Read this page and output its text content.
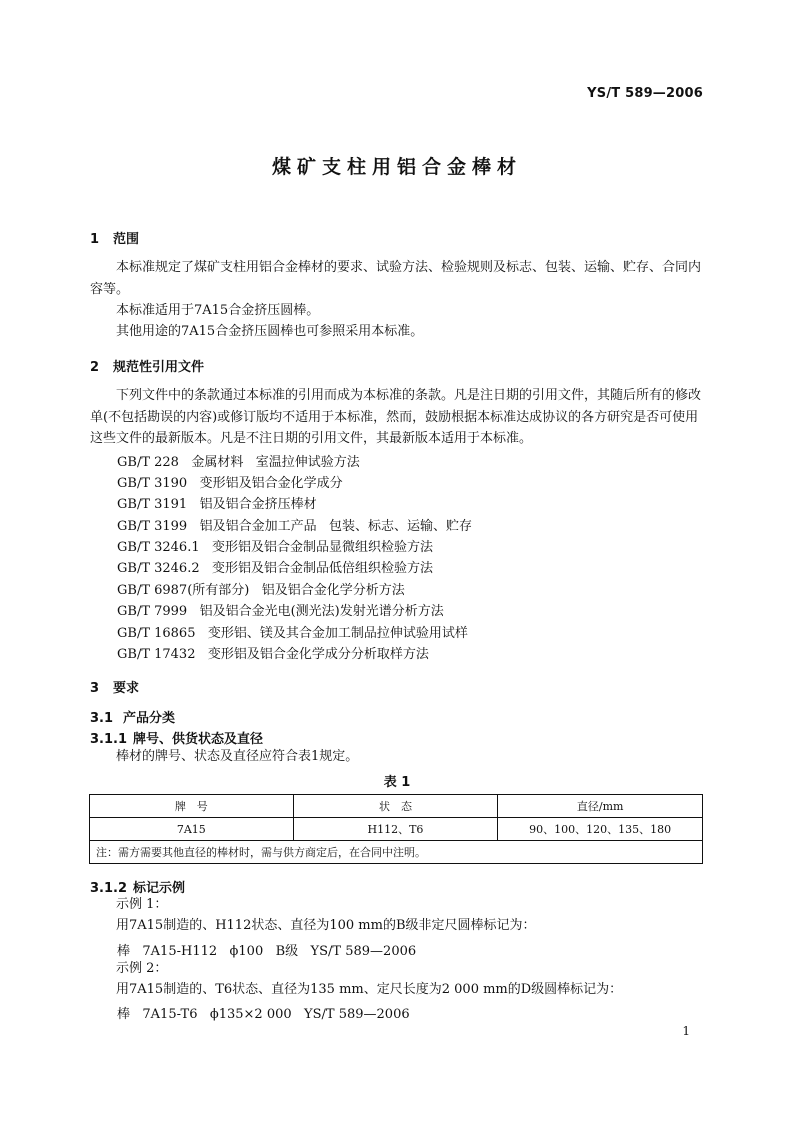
YS/T 589—2006
煤矿支柱用铝合金棒材
1 范围
本标准规定了煤矿支柱用铝合金棒材的要求、试验方法、检验规则及标志、包装、运输、贮存、合同内容等。
本标准适用于7A15合金挤压圆棒。
其他用途的7A15合金挤压圆棒也可参照采用本标准。
2 规范性引用文件
下列文件中的条款通过本标准的引用而成为本标准的条款。凡是注日期的引用文件，其随后所有的修改单(不包括勘误的内容)或修订版均不适用于本标准，然而，鼓励根据本标准达成协议的各方研究是否可使用这些文件的最新版本。凡是不注日期的引用文件，其最新版本适用于本标准。
GB/T 228   金属材料   室温拉伸试验方法
GB/T 3190   变形铝及铝合金化学成分
GB/T 3191   铝及铝合金挤压棒材
GB/T 3199   铝及铝合金加工产品   包装、标志、运输、贮存
GB/T 3246.1   变形铝及铝合金制品显微组织检验方法
GB/T 3246.2   变形铝及铝合金制品低倍组织检验方法
GB/T 6987(所有部分)   铝及铝合金化学分析方法
GB/T 7999   铝及铝合金光电(测光法)发射光谱分析方法
GB/T 16865   变形铝、镁及其合金加工制品拉伸试验用试样
GB/T 17432   变形铝及铝合金化学成分分析取样方法
3 要求
3.1 产品分类
3.1.1 牌号、供货状态及直径
棒材的牌号、状态及直径应符合表1规定。
表 1
牌　号	状　态	直径/mm
7A15	H112、T6	90、100、120、135、180
注：需方需要其他直径的棒材时，需与供方商定后，在合同中注明。		
3.1.2 标记示例
示例 1：
用7A15制造的、H112状态、直径为100 mm的B级非定尺圆棒标记为：
棒   7A15-H112   ϕ100   B级   YS/T 589—2006
示例 2：
用7A15制造的、T6状态、直径为135 mm、定尺长度为2 000 mm的D级圆棒标记为：
棒   7A15-T6   ϕ135×2 000   YS/T 589—2006
1
